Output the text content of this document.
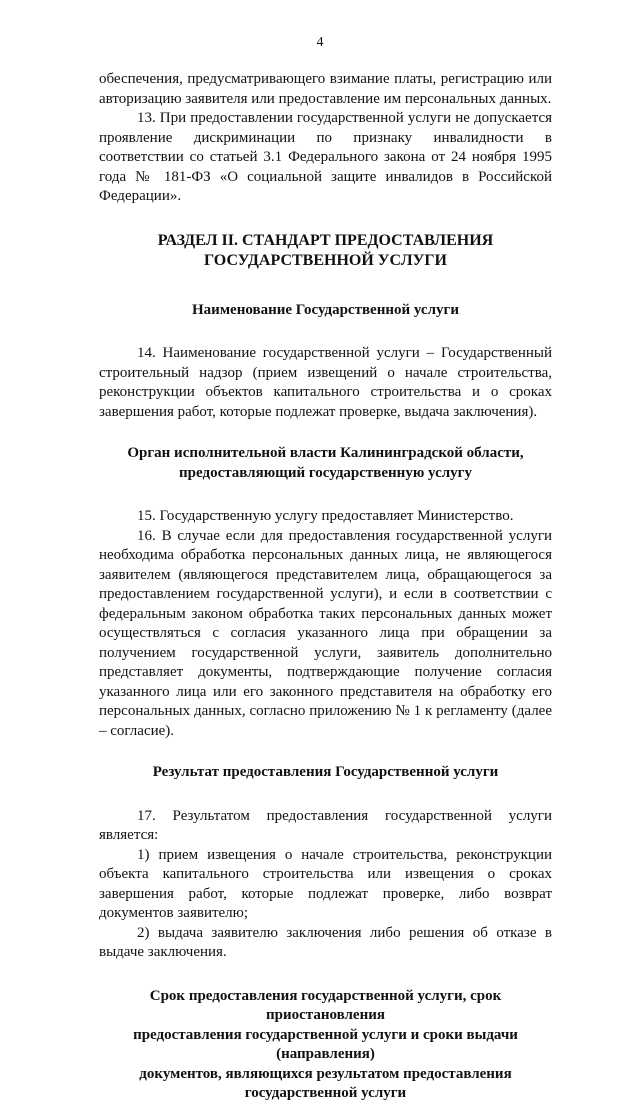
4

обеспечения, предусматривающего взимание платы, регистрацию или авторизацию заявителя или предоставление им персональных данных.

13. При предоставлении государственной услуги не допускается проявление дискриминации по признаку инвалидности в соответствии со статьей 3.1 Федерального закона от 24 ноября 1995 года № 181-ФЗ «О социальной защите инвалидов в Российской Федерации».

РАЗДЕЛ II. СТАНДАРТ ПРЕДОСТАВЛЕНИЯ
ГОСУДАРСТВЕННОЙ УСЛУГИ
Наименование Государственной услуги

14. Наименование государственной услуги – Государственный строительный надзор (прием извещений о начале строительства, реконструкции объектов капитального строительства и о сроках завершения работ, которые подлежат проверке, выдача заключения).

Орган исполнительной власти Калининградской области,
предоставляющий государственную услугу

15. Государственную услугу предоставляет Министерство.

16. В случае если для предоставления государственной услуги необходима обработка персональных данных лица, не являющегося заявителем (являющегося представителем лица, обращающегося за предоставлением государственной услуги), и если в соответствии с федеральным законом обработка таких персональных данных может осуществляться с согласия указанного лица при обращении за получением государственной услуги, заявитель дополнительно представляет документы, подтверждающие получение согласия указанного лица или его законного представителя на обработку его персональных данных, согласно приложению № 1 к регламенту (далее – согласие).

Результат предоставления Государственной услуги

17. Результатом предоставления государственной услуги является:

1) прием извещения о начале строительства, реконструкции объекта капитального строительства или извещения о сроках завершения работ, которые подлежат проверке, либо возврат документов заявителю;

2) выдача заявителю заключения либо решения об отказе в выдаче заключения.

Срок предоставления государственной услуги, срок приостановления
предоставления государственной услуги и сроки выдачи (направления)
документов, являющихся результатом предоставления
государственной услуги
